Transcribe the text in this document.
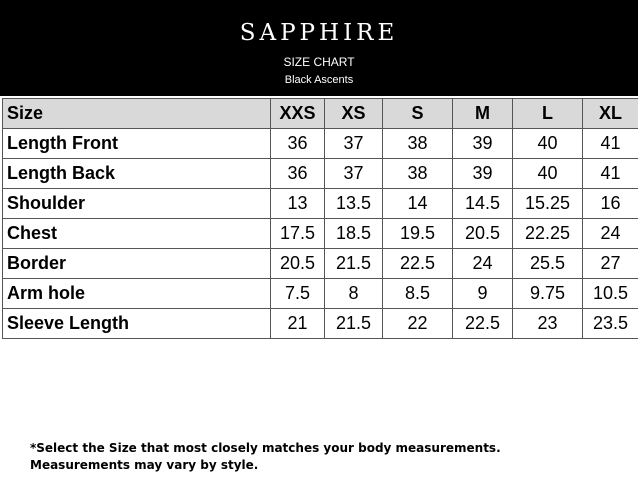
SAPPHIRE
SIZE CHART
Black Ascents
Size	XXS	XS	S	M	L	XL
Length Front	36	37	38	39	40	41
Length Back	36	37	38	39	40	41
Shoulder	13	13.5	14	14.5	15.25	16
Chest	17.5	18.5	19.5	20.5	22.25	24
Border	20.5	21.5	22.5	24	25.5	27
Arm hole	7.5	8	8.5	9	9.75	10.5
Sleeve Length	21	21.5	22	22.5	23	23.5
*Select the Size that most closely matches your body measurements.
Measurements may vary by style.
